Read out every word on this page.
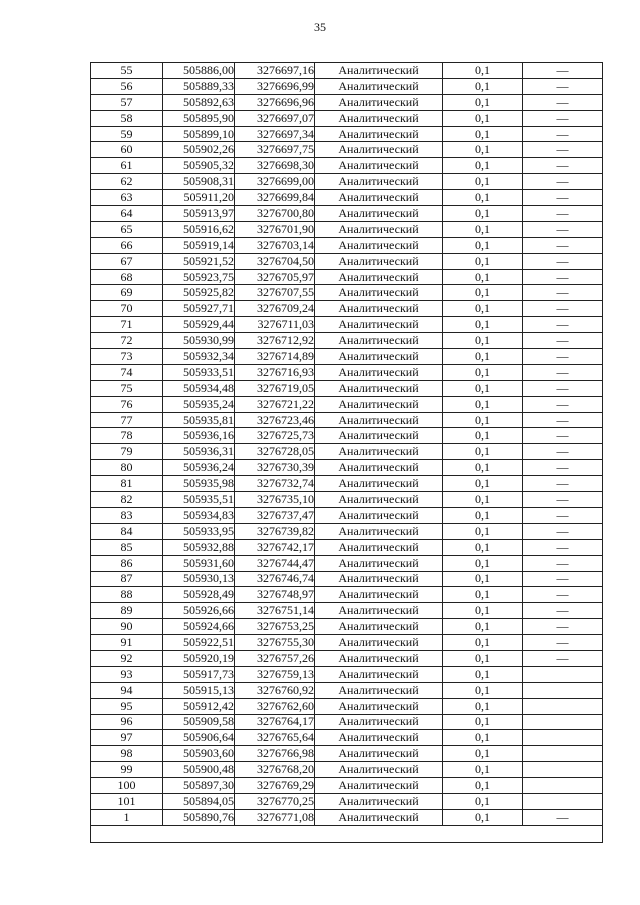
35
55	505886,00	3276697,16	Аналитический	0,1	—
56	505889,33	3276696,99	Аналитический	0,1	—
57	505892,63	3276696,96	Аналитический	0,1	—
58	505895,90	3276697,07	Аналитический	0,1	—
59	505899,10	3276697,34	Аналитический	0,1	—
60	505902,26	3276697,75	Аналитический	0,1	—
61	505905,32	3276698,30	Аналитический	0,1	—
62	505908,31	3276699,00	Аналитический	0,1	—
63	505911,20	3276699,84	Аналитический	0,1	—
64	505913,97	3276700,80	Аналитический	0,1	—
65	505916,62	3276701,90	Аналитический	0,1	—
66	505919,14	3276703,14	Аналитический	0,1	—
67	505921,52	3276704,50	Аналитический	0,1	—
68	505923,75	3276705,97	Аналитический	0,1	—
69	505925,82	3276707,55	Аналитический	0,1	—
70	505927,71	3276709,24	Аналитический	0,1	—
71	505929,44	3276711,03	Аналитический	0,1	—
72	505930,99	3276712,92	Аналитический	0,1	—
73	505932,34	3276714,89	Аналитический	0,1	—
74	505933,51	3276716,93	Аналитический	0,1	—
75	505934,48	3276719,05	Аналитический	0,1	—
76	505935,24	3276721,22	Аналитический	0,1	—
77	505935,81	3276723,46	Аналитический	0,1	—
78	505936,16	3276725,73	Аналитический	0,1	—
79	505936,31	3276728,05	Аналитический	0,1	—
80	505936,24	3276730,39	Аналитический	0,1	—
81	505935,98	3276732,74	Аналитический	0,1	—
82	505935,51	3276735,10	Аналитический	0,1	—
83	505934,83	3276737,47	Аналитический	0,1	—
84	505933,95	3276739,82	Аналитический	0,1	—
85	505932,88	3276742,17	Аналитический	0,1	—
86	505931,60	3276744,47	Аналитический	0,1	—
87	505930,13	3276746,74	Аналитический	0,1	—
88	505928,49	3276748,97	Аналитический	0,1	—
89	505926,66	3276751,14	Аналитический	0,1	—
90	505924,66	3276753,25	Аналитический	0,1	—
91	505922,51	3276755,30	Аналитический	0,1	—
92	505920,19	3276757,26	Аналитический	0,1	—
93	505917,73	3276759,13	Аналитический	0,1	
94	505915,13	3276760,92	Аналитический	0,1	
95	505912,42	3276762,60	Аналитический	0,1	
96	505909,58	3276764,17	Аналитический	0,1	
97	505906,64	3276765,64	Аналитический	0,1	
98	505903,60	3276766,98	Аналитический	0,1	
99	505900,48	3276768,20	Аналитический	0,1	
100	505897,30	3276769,29	Аналитический	0,1	
101	505894,05	3276770,25	Аналитический	0,1	
1	505890,76	3276771,08	Аналитический	0,1	—
